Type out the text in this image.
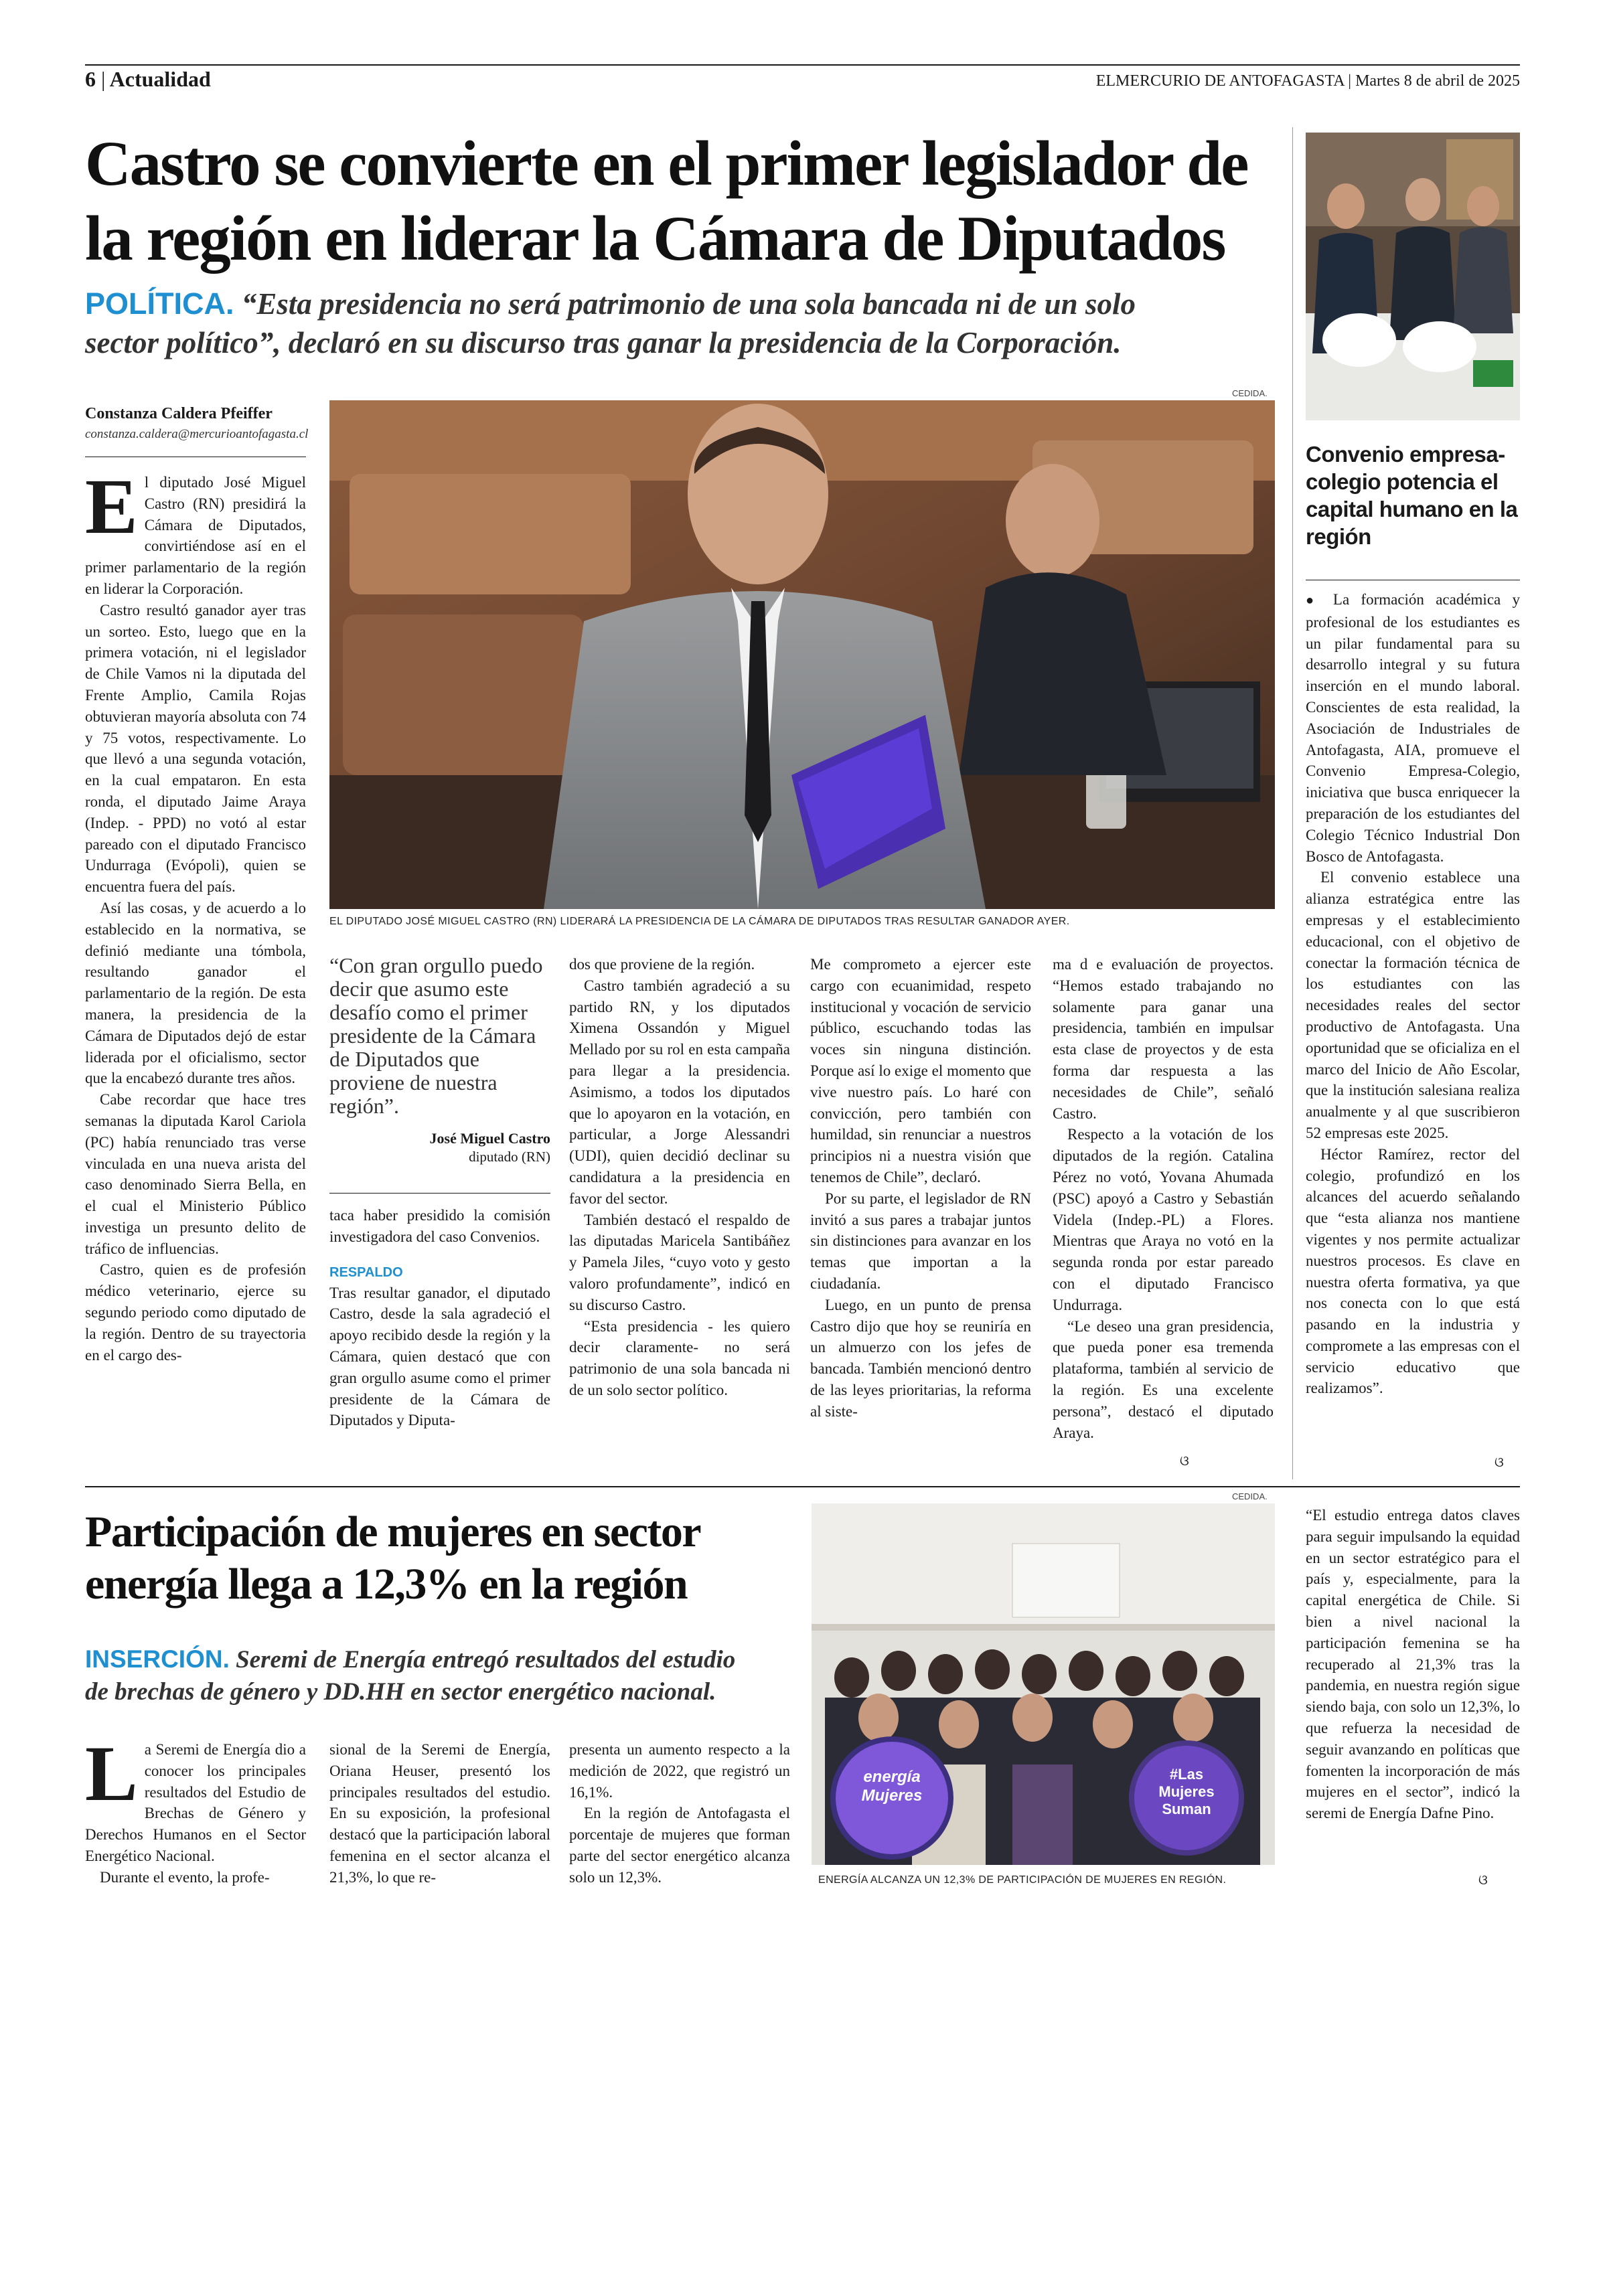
6 | Actualidad	ELMERCURIO DE ANTOFAGASTA | Martes 8 de abril de 2025
Castro se convierte en el primer legislador de
la región en liderar la Cámara de Diputados
POLÍTICA. “Esta presidencia no será patrimonio de una sola bancada ni de un solo
sector político”, declaró en su discurso tras ganar la presidencia de la Corporación.
Constanza Caldera Pfeiffer
constanza.caldera@mercurioantofagasta.cl

El diputado José Miguel Castro (RN) presidirá la Cámara de Diputados, convirtiéndose así en el primer parlamentario de la región en liderar la Corporación.

Castro resultó ganador ayer tras un sorteo. Esto, luego que en la primera votación, ni el legislador de Chile Vamos ni la diputada del Frente Amplio, Camila Rojas obtuvieran mayoría absoluta con 74 y 75 votos, respectivamente. Lo que llevó a una segunda votación, en la cual empataron. En esta ronda, el diputado Jaime Araya (Indep. - PPD) no votó al estar pareado con el diputado Francisco Undurraga (Evópoli), quien se encuentra fuera del país.

Así las cosas, y de acuerdo a lo establecido en la normativa, se definió mediante una tómbola, resultando ganador el parlamentario de la región. De esta manera, la presidencia de la Cámara de Diputados dejó de estar liderada por el oficialismo, sector que la encabezó durante tres años.

Cabe recordar que hace tres semanas la diputada Karol Cariola (PC) había renunciado tras verse vinculada en una nueva arista del caso denominado Sierra Bella, en el cual el Ministerio Público investiga un presunto delito de tráfico de influencias.

Castro, quien es de profesión médico veterinario, ejerce su segundo periodo como diputado de la región. Dentro de su trayectoria en el cargo des-

CEDIDA.
EL DIPUTADO JOSÉ MIGUEL CASTRO (RN) LIDERARÁ LA PRESIDENCIA DE LA CÁMARA DE DIPUTADOS TRAS RESULTAR GANADOR AYER.
“Con gran orgullo puedo decir que asumo este desafío como el primer presidente de la Cámara de Diputados que proviene de nuestra región”.
José Miguel Castro
diputado (RN)

taca haber presidido la comisión investigadora del caso Convenios.

RESPALDO

Tras resultar ganador, el diputado Castro, desde la sala agradeció el apoyo recibido desde la región y la Cámara, quien destacó que con gran orgullo asume como el primer presidente de la Cámara de Diputados y Diputa-

dos que proviene de la región.

Castro también agradeció a su partido RN, y los diputados Ximena Ossandón y Miguel Mellado por su rol en esta campaña para llegar a la presidencia. Asimismo, a todos los diputados que lo apoyaron en la votación, en particular, a Jorge Alessandri (UDI), quien decidió declinar su candidatura a la presidencia en favor del sector.

También destacó el respaldo de las diputadas Maricela Santibáñez y Pamela Jiles, “cuyo voto y gesto valoro profundamente”, indicó en su discurso Castro.

“Esta presidencia - les quiero decir claramente- no será patrimonio de una sola bancada ni de un solo sector político.

Me comprometo a ejercer este cargo con ecuanimidad, respeto institucional y vocación de servicio público, escuchando todas las voces sin ninguna distinción. Porque así lo exige el momento que vive nuestro país. Lo haré con convicción, pero también con humildad, sin renunciar a nuestros principios ni a nuestra visión que tenemos de Chile”, declaró.

Por su parte, el legislador de RN invitó a sus pares a trabajar juntos sin distinciones para avanzar en los temas que importan a la ciudadanía.

Luego, en un punto de prensa Castro dijo que hoy se reuniría en un almuerzo con los jefes de bancada. También mencionó dentro de las leyes prioritarias, la reforma al siste-

ma d e evaluación de proyectos. “Hemos estado trabajando no solamente para ganar una presidencia, también en impulsar esta clase de proyectos y de esta forma dar respuesta a las necesidades de Chile”, señaló Castro.

Respecto a la votación de los diputados de la región. Catalina Pérez no votó, Yovana Ahumada (PSC) apoyó a Castro y Sebastián Videla (Indep.-PL) a Flores. Mientras que Araya no votó en la segunda ronda por estar pareado con el diputado Francisco Undurraga.

“Le deseo una gran presidencia, que pueda poner esa tremenda plataforma, también al servicio de la región. Es una excelente persona”, destacó el diputado Araya.

ଓ
Convenio empresa-colegio potencia el capital humano en la región

● La formación académica y profesional de los estudiantes es un pilar fundamental para su desarrollo integral y su futura inserción en el mundo laboral. Conscientes de esta realidad, la Asociación de Industriales de Antofagasta, AIA, promueve el Convenio Empresa-Colegio, iniciativa que busca enriquecer la preparación de los estudiantes del Colegio Técnico Industrial Don Bosco de Antofagasta.

El convenio establece una alianza estratégica entre las empresas y el establecimiento educacional, con el objetivo de conectar la formación técnica de los estudiantes con las necesidades reales del sector productivo de Antofagasta. Una oportunidad que se oficializa en el marco del Inicio de Año Escolar, que la institución salesiana realiza anualmente y al que suscribieron 52 empresas este 2025.

Héctor Ramírez, rector del colegio, profundizó en los alcances del acuerdo señalando que “esta alianza nos mantiene vigentes y nos permite actualizar nuestros procesos. Es clave en nuestra oferta formativa, ya que nos conecta con lo que está pasando en la industria y compromete a las empresas con el servicio educativo que realizamos”.

ଓ
Participación de mujeres en sector
energía llega a 12,3% en la región
INSERCIÓN. Seremi de Energía entregó resultados del estudio
de brechas de género y DD.HH en sector energético nacional.

La Seremi de Energía dio a conocer los principales resultados del Estudio de Brechas de Género y Derechos Humanos en el Sector Energético Nacional.

Durante el evento, la profe-

sional de la Seremi de Energía, Oriana Heuser, presentó los principales resultados del estudio. En su exposición, la profesional destacó que la participación laboral femenina en el sector alcanza el 21,3%, lo que re-

presenta un aumento respecto a la medición de 2022, que registró un 16,1%.

En la región de Antofagasta el porcentaje de mujeres que forman parte del sector energético alcanza solo un 12,3%.

CEDIDA.
energía Mujeres
#Las Mujeres Suman
ENERGÍA ALCANZA UN 12,3% DE PARTICIPACIÓN DE MUJERES EN REGIÓN.

“El estudio entrega datos claves para seguir impulsando la equidad en un sector estratégico para el país y, especialmente, para la capital energética de Chile. Si bien a nivel nacional la participación femenina se ha recuperado al 21,3% tras la pandemia, en nuestra región sigue siendo baja, con solo un 12,3%, lo que refuerza la necesidad de seguir avanzando en políticas que fomenten la incorporación de más mujeres en el sector”, indicó la seremi de Energía Dafne Pino.

ଓ
